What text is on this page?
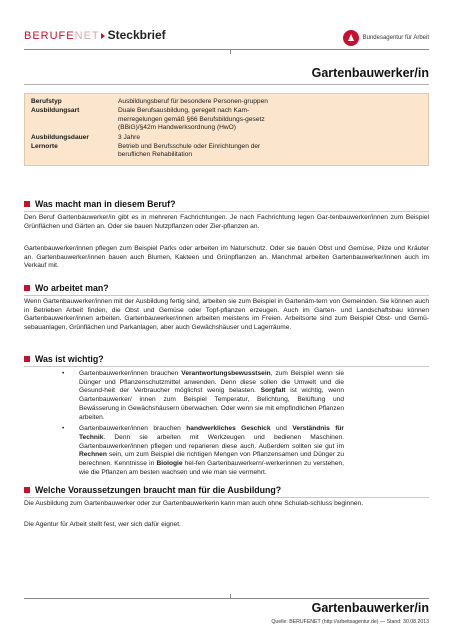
BERUFE NET Steckbrief	Bundesagentur für Arbeit
Gartenbauwerker/in
Berufstyp	Ausbildungsberuf für besondere Personen-gruppen
Ausbildungsart	Duale Berufsausbildung, geregelt nach Kam-merregelungen gemäß §66 Berufsbildungs-gesetz (BBiG)/§42m Handwerksordnung (HwO)
Ausbildungsdauer	3 Jahre
Lernorte	Betrieb und Berufsschule oder Einrichtungen der beruflichen Rehabilitation
Was macht man in diesem Beruf?

Den Beruf Gartenbauwerker/in gibt es in mehreren Fachrichtungen. Je nach Fachrichtung legen Gar-tenbauwerker/innen zum Beispiel Grünflächen und Gärten an. Oder sie bauen Nutzpflanzen oder Zier-pflanzen an.

Gartenbauwerker/innen pflegen zum Beispiel Parks oder arbeiten im Naturschutz. Oder sie bauen Obst und Gemüse, Pilze und Kräuter an. Gartenbauwerker/innen bauen auch Blumen, Kakteen und Grünpflanzen an. Manchmal arbeiten Gartenbauwerker/innen auch im Verkauf mit.

Wo arbeitet man?

Wenn Gartenbauwerker/innen mit der Ausbildung fertig sind, arbeiten sie zum Beispiel in Gartenäm-tern von Gemeinden. Sie können auch in Betrieben Arbeit finden, die Obst und Gemüse oder Topf-pflanzen erzeugen. Auch im Garten- und Landschaftsbau können Gartenbauwerker/innen arbeiten. Gartenbauwerker/innen arbeiten meistens im Freien. Arbeitsorte sind zum Beispiel Obst- und Gemü-sebauanlagen, Grünflächen und Parkanlagen, aber auch Gewächshäuser und Lagerräume.

Was ist wichtig?
•	Gartenbauwerker/innen brauchen Verantwortungsbewusstsein, zum Beispiel wenn sie Dünger und Pflanzenschutzmittel anwenden. Denn diese sollen die Umwelt und die Gesund-heit der Verbraucher möglichst wenig belasten. Sorgfalt ist wichtig, wenn Gartenbauwerker/ innen zum Beispiel Temperatur, Belichtung, Belüftung und Bewässerung in Gewächshäusern überwachen. Oder wenn sie mit empfindlichen Pflanzen arbeiten.
•	Gartenbauwerker/innen brauchen handwerkliches Geschick und Verständnis für Technik. Denn sie arbeiten mit Werkzeugen und bedienen Maschinen. Gartenbauwerker/innen pflegen und reparieren diese auch. Außerdem sollten sie gut im Rechnen sein, um zum Beispiel die richtigen Mengen von Pflanzensamen und Dünger zu berechnen. Kenntnisse in Biologie hel-fen Gartenbauwerkern/-werkerinnen zu verstehen, wie die Pflanzen am besten wachsen und wie man sie vermehrt.
Welche Voraussetzungen braucht man für die Ausbildung?

Die Ausbildung zum Gartenbauwerker oder zur Gartenbauwerkerin kann man auch ohne Schulab-schluss beginnen.

Die Agentur für Arbeit stellt fest, wer sich dafür eignet.

Gartenbauwerker/in
Quelle: BERUFENET (http://arbeitsagentur.de) — Stand: 30.08.2013
